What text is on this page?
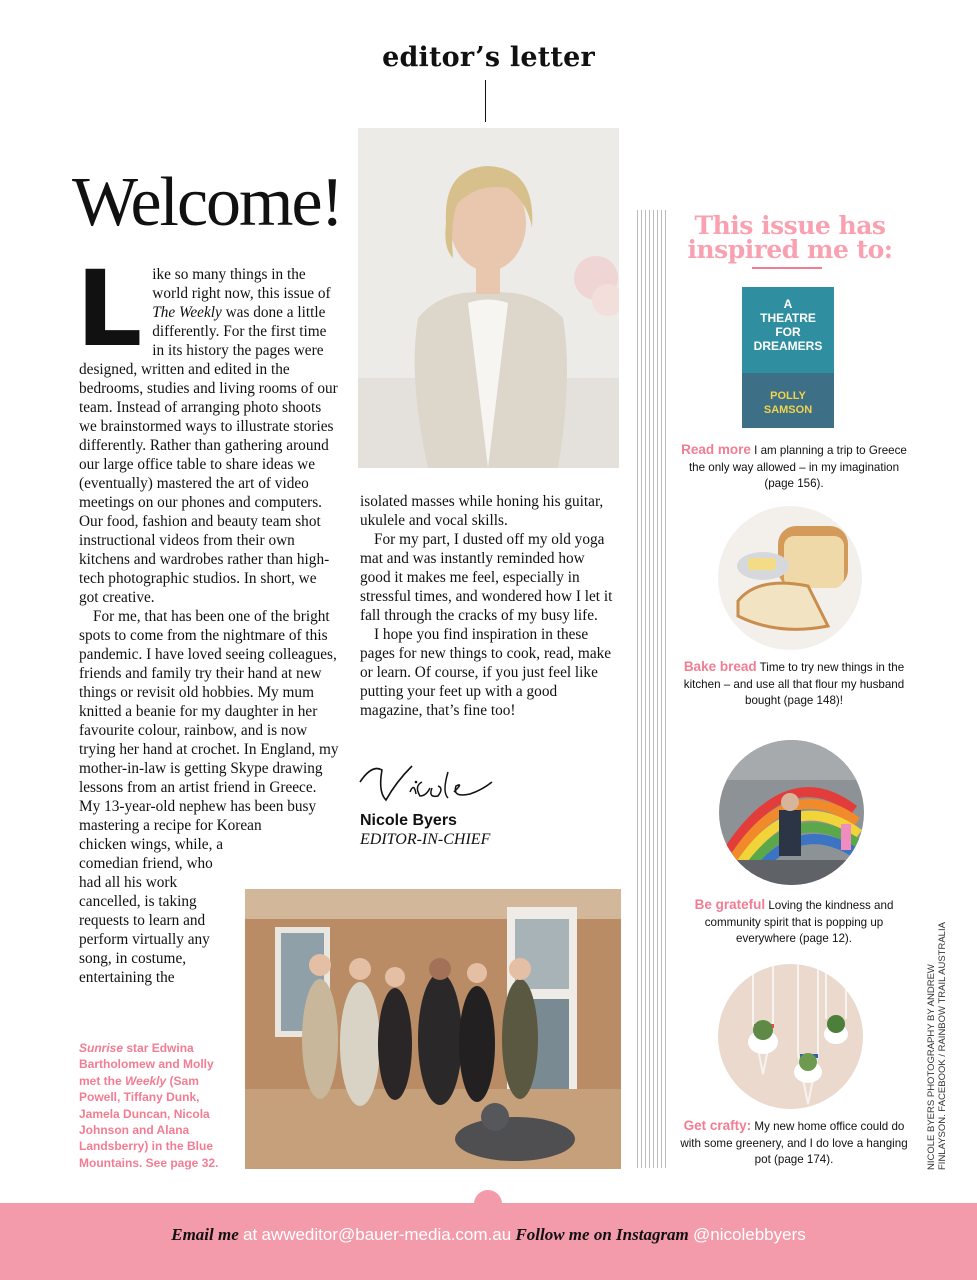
editor’s letter
Welcome!

L ike so many things in the world right now, this issue of The Weekly was done a little differently. For the first time in its history the pages were designed, written and edited in the bedrooms, studies and living rooms of our team. Instead of arranging photo shoots we brainstormed ways to illustrate stories differently. Rather than gathering around our large office table to share ideas we (eventually) mastered the art of video meetings on our phones and computers. Our food, fashion and beauty team shot instructional videos from their own kitchens and wardrobes rather than high-tech photographic studios. In short, we got creative.

For me, that has been one of the bright spots to come from the nightmare of this pandemic. I have loved seeing colleagues, friends and family try their hand at new things or revisit old hobbies. My mum knitted a beanie for my daughter in her favourite colour, rainbow, and is now trying her hand at crochet. In England, my mother-in-law is getting Skype drawing lessons from an artist friend in Greece. My 13-year-old nephew has been busy mastering a recipe for Korean

chicken wings, while, a comedian friend, who had all his work cancelled, is taking requests to learn and perform virtually any song, in costume, entertaining the

isolated masses while honing his guitar, ukulele and vocal skills.

For my part, I dusted off my old yoga mat and was instantly reminded how good it makes me feel, especially in stressful times, and wondered how I let it fall through the cracks of my busy life.

I hope you find inspiration in these pages for new things to cook, read, make or learn. Of course, if you just feel like putting your feet up with a good magazine, that’s fine too!

Nicole Byers
EDITOR-IN-CHIEF
Sunrise star Edwina Bartholomew and Molly met the Weekly (Sam Powell, Tiffany Dunk, Jamela Duncan, Nicola Johnson and Alana Landsberry) in the Blue Mountains. See page 32.
This issue has inspired me to:
A
THEATRE
FOR
DREAMERS
POLLY
SAMSON
Read more I am planning a trip to Greece the only way allowed – in my imagination (page 156).
Bake bread Time to try new things in the kitchen – and use all that flour my husband bought (page 148)!
Be grateful Loving the kindness and community spirit that is popping up everywhere (page 12).
Get crafty: My new home office could do with some greenery, and I do love a hanging pot (page 174).	NICOLE BYERS PHOTOGRAPHY BY ANDREW FINLAYSON. FACEBOOK / RAINBOW TRAIL AUSTRALIA
Email me at awweditor@bauer-media.com.au Follow me on Instagram @nicolebbyers
